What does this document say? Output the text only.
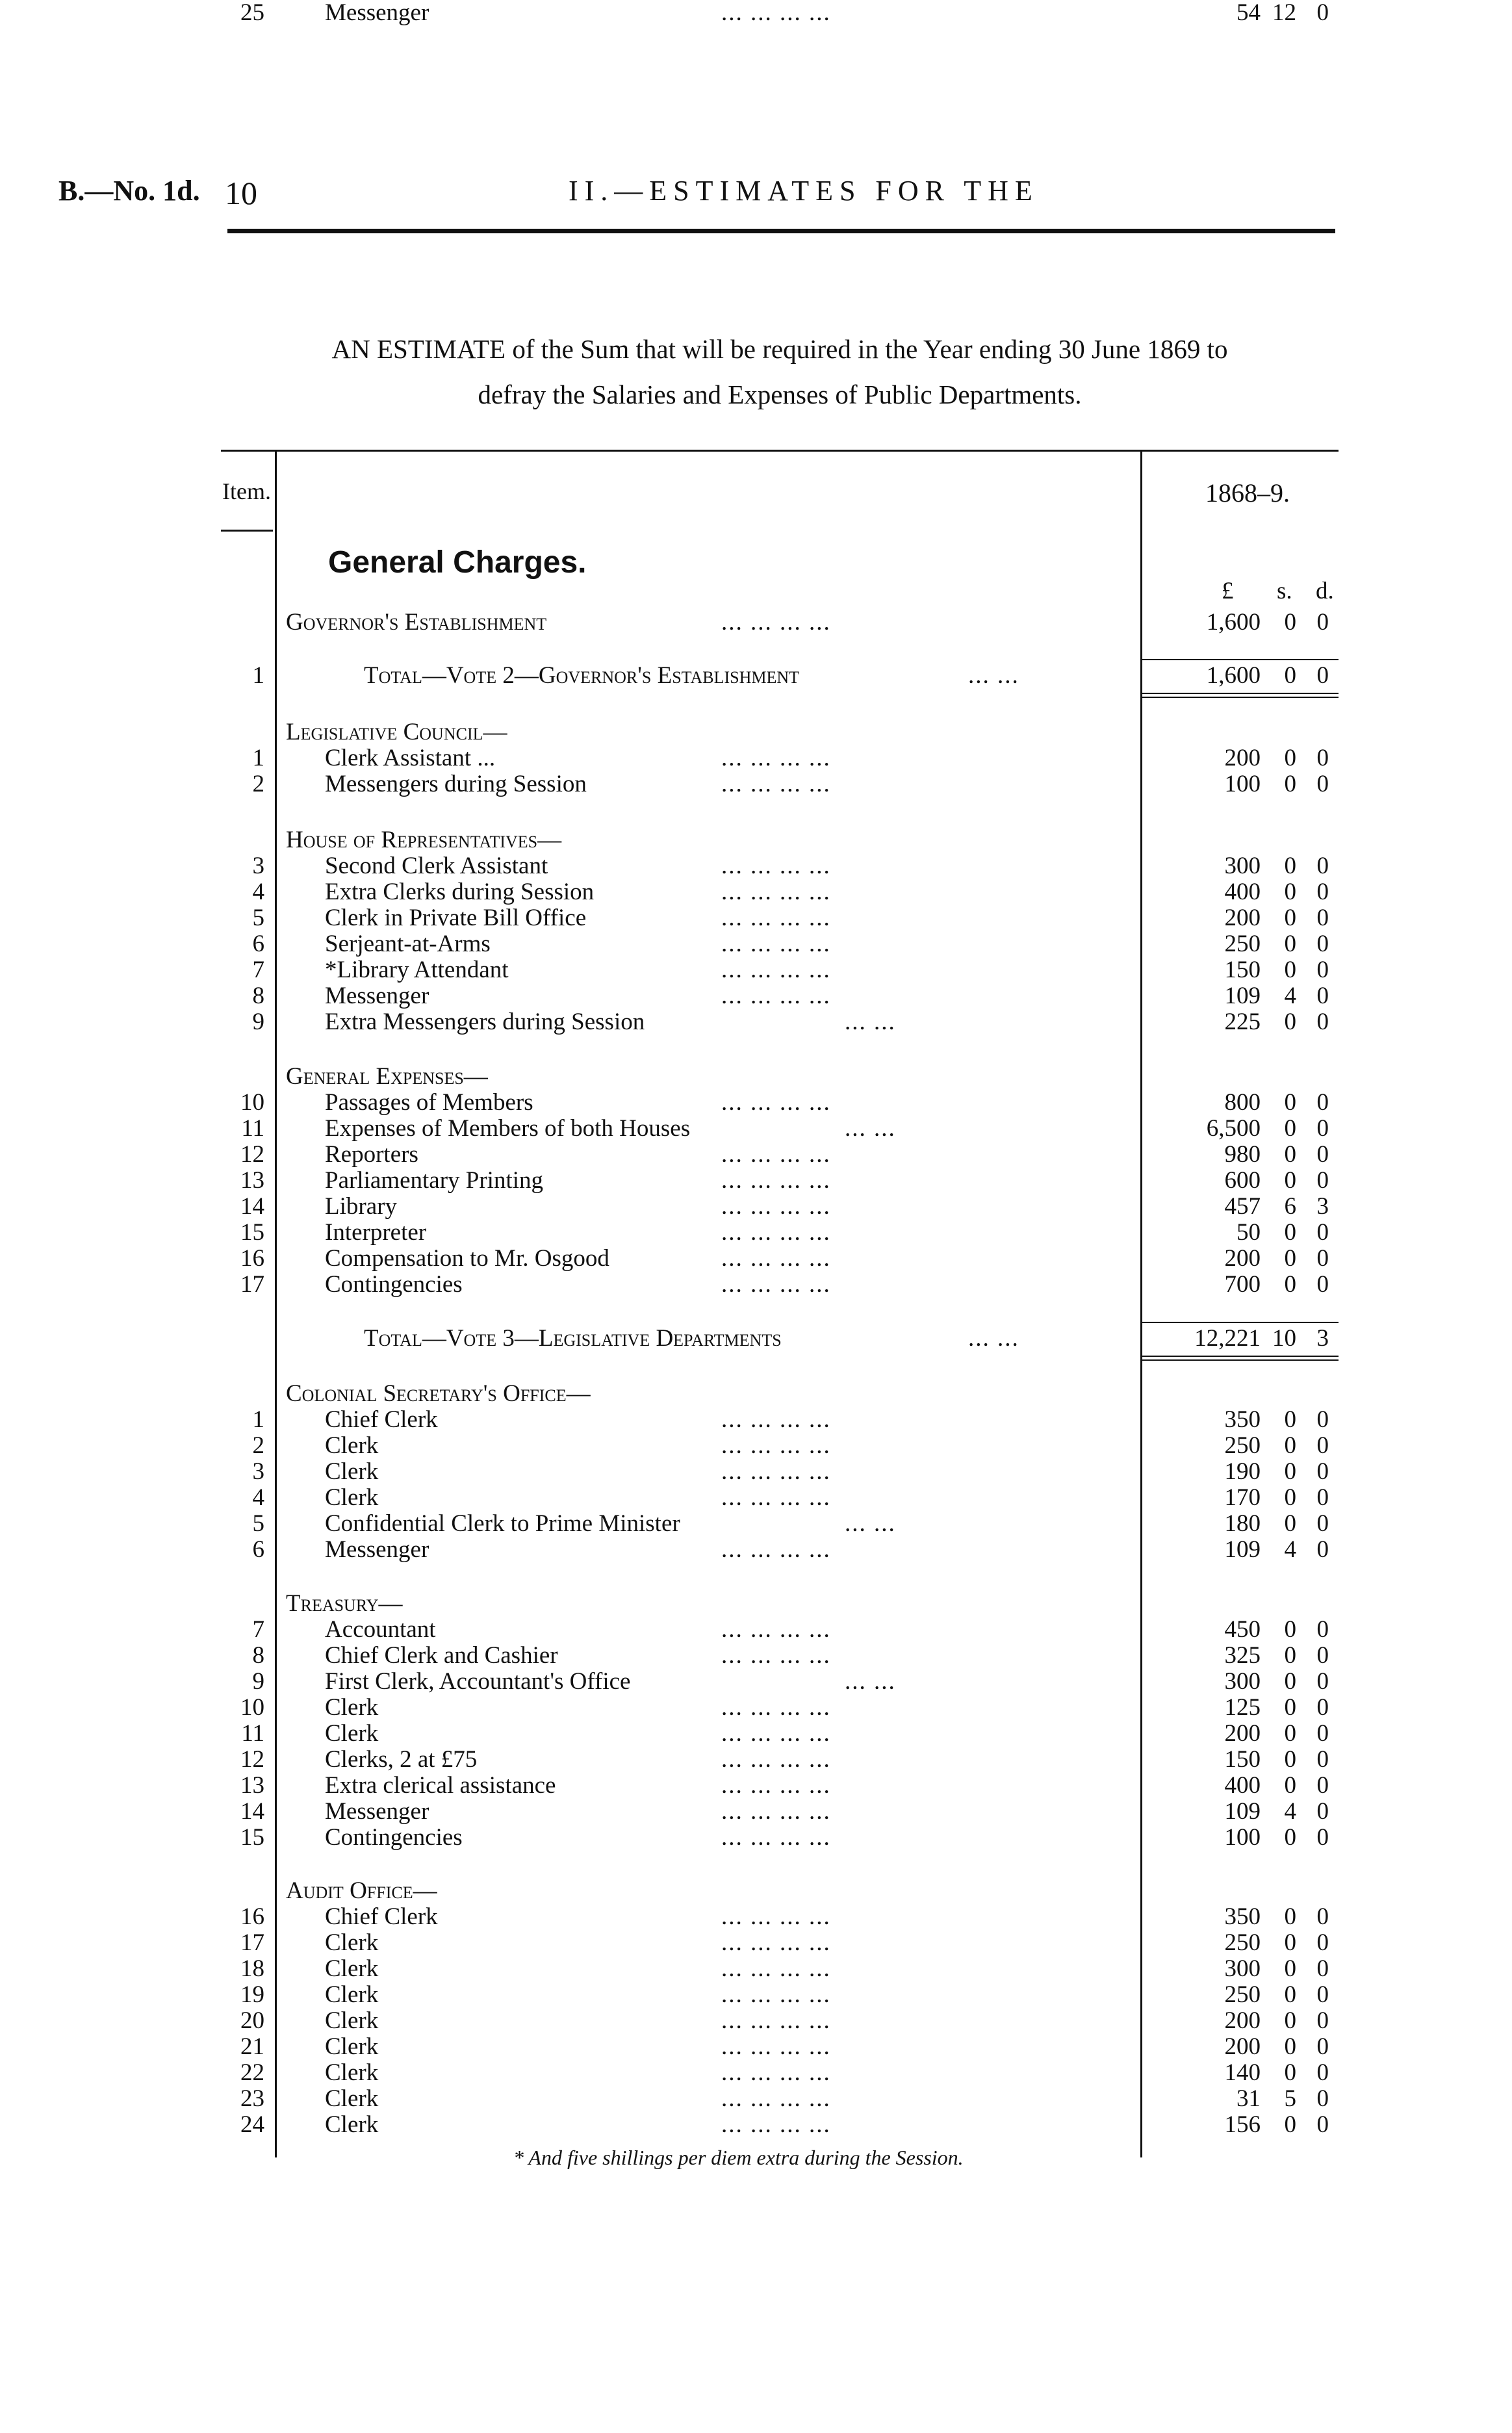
B.—No. 1d. 10	II.—ESTIMATES FOR THE
AN ESTIMATE of the Sum that will be required in the Year ending 30 June 1869 to
defray the Salaries and Expenses of Public Departments.
Item.	1868–9.
General Charges.
£ s. d.
Governor's Establishment	... ... ... ...	1,600 0 0
1	Total—Vote 2—Governor's Establishment	... ...	1,600 0 0
Legislative Council—
1	Clerk Assistant ...	... ... ... ...	200 0 0
2	Messengers during Session	... ... ... ...	100 0 0
House of Representatives—
3	Second Clerk Assistant	... ... ... ...	300 0 0
4	Extra Clerks during Session	... ... ... ...	400 0 0
5	Clerk in Private Bill Office	... ... ... ...	200 0 0
6	Serjeant-at-Arms	... ... ... ...	250 0 0
7	*Library Attendant	... ... ... ...	150 0 0
8	Messenger	... ... ... ...	109 4 0
9	Extra Messengers during Session	... ...	225 0 0
General Expenses—
10	Passages of Members	... ... ... ...	800 0 0
11	Expenses of Members of both Houses	... ...	6,500 0 0
12	Reporters	... ... ... ...	980 0 0
13	Parliamentary Printing	... ... ... ...	600 0 0
14	Library	... ... ... ...	457 6 3
15	Interpreter	... ... ... ...	50 0 0
16	Compensation to Mr. Osgood	... ... ... ...	200 0 0
17	Contingencies	... ... ... ...	700 0 0
Total—Vote 3—Legislative Departments	... ...	12,221 10 3
Colonial Secretary's Office—
1	Chief Clerk	... ... ... ...	350 0 0
2	Clerk	... ... ... ...	250 0 0
3	Clerk	... ... ... ...	190 0 0
4	Clerk	... ... ... ...	170 0 0
5	Confidential Clerk to Prime Minister	... ...	180 0 0
6	Messenger	... ... ... ...	109 4 0
Treasury—
7	Accountant	... ... ... ...	450 0 0
8	Chief Clerk and Cashier	... ... ... ...	325 0 0
9	First Clerk, Accountant's Office	... ...	300 0 0
10	Clerk	... ... ... ...	125 0 0
11	Clerk	... ... ... ...	200 0 0
12	Clerks, 2 at £75	... ... ... ...	150 0 0
13	Extra clerical assistance	... ... ... ...	400 0 0
14	Messenger	... ... ... ...	109 4 0
15	Contingencies	... ... ... ...	100 0 0
Audit Office—
16	Chief Clerk	... ... ... ...	350 0 0
17	Clerk	... ... ... ...	250 0 0
18	Clerk	... ... ... ...	300 0 0
19	Clerk	... ... ... ...	250 0 0
20	Clerk	... ... ... ...	200 0 0
21	Clerk	... ... ... ...	200 0 0
22	Clerk	... ... ... ...	140 0 0
23	Clerk	... ... ... ...	31 5 0
24	Clerk	... ... ... ...	156 0 0
25	Messenger	... ... ... ...	54 12 0
* And five shillings per diem extra during the Session.
